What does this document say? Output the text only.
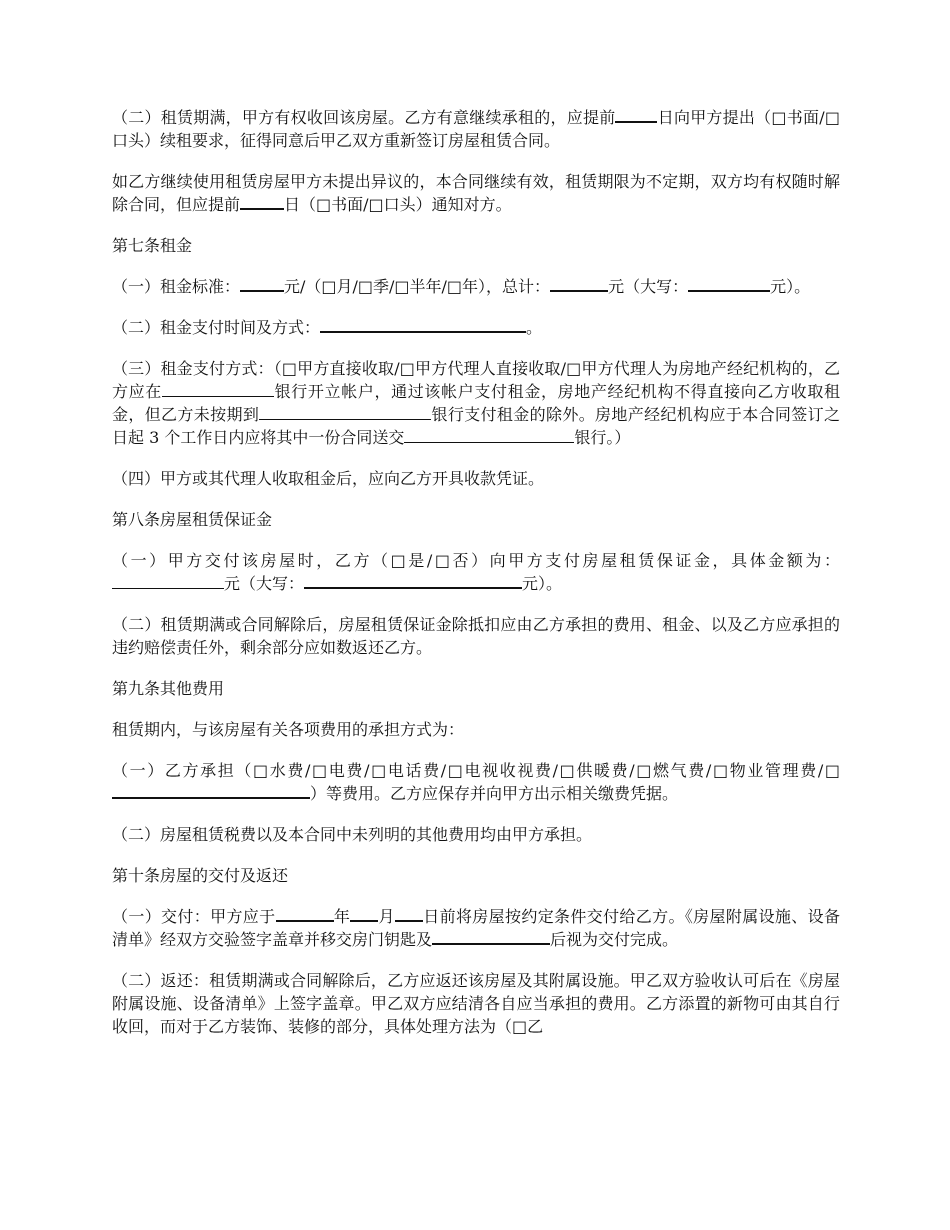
（二）租赁期满，甲方有权收回该房屋。乙方有意继续承租的，应提前	日向甲方提出（□书面/□口头）续租要求，征得同意后甲乙双方重新签订房屋租赁合同。

如乙方继续使用租赁房屋甲方未提出异议的，本合同继续有效，租赁期限为不定期，双方均有权随时解除合同，但应提前	日（□书面/□口头）通知对方。

第七条租金

（一）租金标准：	元/（□月/□季/□半年/□年），总计：	元（大写：	元）。

（二）租金支付时间及方式：	。

（三）租金支付方式：（□甲方直接收取/□甲方代理人直接收取/□甲方代理人为房地产经纪机构的，乙方应在	银行开立帐户，通过该帐户支付租金，房地产经纪机构不得直接向乙方收取租金，但乙方未按期到	银行支付租金的除外。房地产经纪机构应于本合同签订之日起 3 个工作日内应将其中一份合同送交	银行。）

（四）甲方或其代理人收取租金后，应向乙方开具收款凭证。

第八条房屋租赁保证金

（一）甲方交付该房屋时，乙方（□是/□否）向甲方支付房屋租赁保证金，具体金额为：元（大写：	元）。

（二）租赁期满或合同解除后，房屋租赁保证金除抵扣应由乙方承担的费用、租金、以及乙方应承担的违约赔偿责任外，剩余部分应如数返还乙方。

第九条其他费用

租赁期内，与该房屋有关各项费用的承担方式为：

（一）乙方承担（□水费/□电费/□电话费/□电视收视费/□供暖费/□燃气费/□物业管理费/□）等费用。乙方应保存并向甲方出示相关缴费凭据。

（二）房屋租赁税费以及本合同中未列明的其他费用均由甲方承担。

第十条房屋的交付及返还

（一）交付：甲方应于	年 月 日前将房屋按约定条件交付给乙方。《房屋附属设施、设备清单》经双方交验签字盖章并移交房门钥匙及	后视为交付完成。

（二）返还：租赁期满或合同解除后，乙方应返还该房屋及其附属设施。甲乙双方验收认可后在《房屋附属设施、设备清单》上签字盖章。甲乙双方应结清各自应当承担的费用。乙方添置的新物可由其自行收回，而对于乙方装饰、装修的部分，具体处理方法为（□乙
